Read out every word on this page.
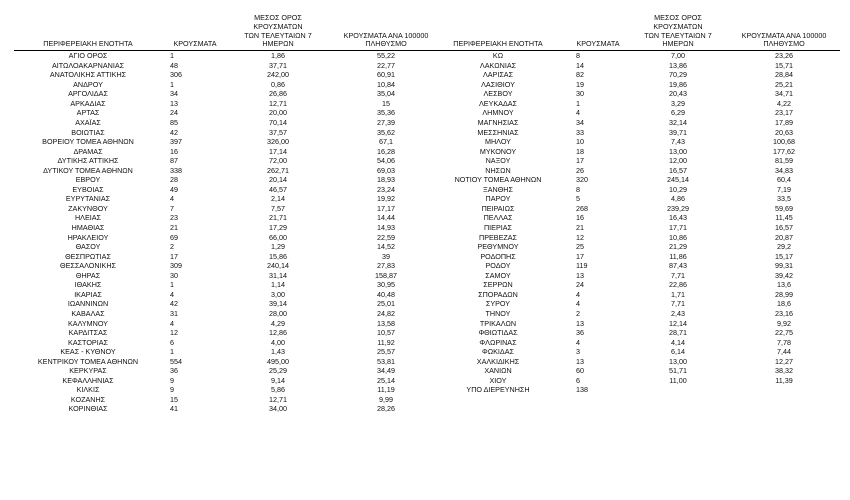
ΠΕΡΙΦΕΡΕΙΑΚΗ ΕΝΟΤΗΤΑ	ΚΡΟΥΣΜΑΤΑ	ΜΕΣΟΣ ΟΡΟΣ ΚΡΟΥΣΜΑΤΩΝ
ΤΩΝ ΤΕΛΕΥΤΑΙΩΝ 7
ΗΜΕΡΩΝ	ΚΡΟΥΣΜΑΤΑ ΑΝΑ 100000
ΠΛΗΘΥΣΜΟ

ΑΓΙΟ ΟΡΟΣ	1	1,86	55,22
ΑΙΤΩΛΟΑΚΑΡΝΑΝΙΑΣ	48	37,71	22,77
ΑΝΑΤΟΛΙΚΗΣ ΑΤΤΙΚΗΣ	306	242,00	60,91
ΑΝΔΡΟΥ	1	0,86	10,84
ΑΡΓΟΛΙΔΑΣ	34	26,86	35,04
ΑΡΚΑΔΙΑΣ	13	12,71	15
ΑΡΤΑΣ	24	20,00	35,36
ΑΧΑΪΑΣ	85	70,14	27,39
ΒΟΙΩΤΙΑΣ	42	37,57	35,62
ΒΟΡΕΙΟΥ ΤΟΜΕΑ ΑΘΗΝΩΝ	397	326,00	67,1
ΔΡΑΜΑΣ	16	17,14	16,28
ΔΥΤΙΚΗΣ ΑΤΤΙΚΗΣ	87	72,00	54,06
ΔΥΤΙΚΟΥ ΤΟΜΕΑ ΑΘΗΝΩΝ	338	262,71	69,03
ΕΒΡΟΥ	28	20,14	18,93
ΕΥΒΟΙΑΣ	49	46,57	23,24
ΕΥΡΥΤΑΝΙΑΣ	4	2,14	19,92
ΖΑΚΥΝΘΟΥ	7	7,57	17,17
ΗΛΕΙΑΣ	23	21,71	14,44
ΗΜΑΘΙΑΣ	21	17,29	14,93
ΗΡΑΚΛΕΙΟΥ	69	66,00	22,59
ΘΑΣΟΥ	2	1,29	14,52
ΘΕΣΠΡΩΤΙΑΣ	17	15,86	39
ΘΕΣΣΑΛΟΝΙΚΗΣ	309	240,14	27,83
ΘΗΡΑΣ	30	31,14	158,87
ΙΘΑΚΗΣ	1	1,14	30,95
ΙΚΑΡΙΑΣ	4	3,00	40,48
ΙΩΑΝΝΙΝΩΝ	42	39,14	25,01
ΚΑΒΑΛΑΣ	31	28,00	24,82
ΚΑΛΥΜΝΟΥ	4	4,29	13,58
ΚΑΡΔΙΤΣΑΣ	12	12,86	10,57
ΚΑΣΤΟΡΙΑΣ	6	4,00	11,92
ΚΕΑΣ - ΚΥΘΝΟΥ	1	1,43	25,57
ΚΕΝΤΡΙΚΟΥ ΤΟΜΕΑ ΑΘΗΝΩΝ	554	495,00	53,81
ΚΕΡΚΥΡΑΣ	36	25,29	34,49
ΚΕΦΑΛΛΗΝΙΑΣ	9	9,14	25,14
ΚΙΛΚΙΣ	9	5,86	11,19
ΚΟΖΑΝΗΣ	15	12,71	9,99
ΚΟΡΙΝΘΙΑΣ	41	34,00	28,26
ΠΕΡΙΦΕΡΕΙΑΚΗ ΕΝΟΤΗΤΑ	ΚΡΟΥΣΜΑΤΑ	ΜΕΣΟΣ ΟΡΟΣ ΚΡΟΥΣΜΑΤΩΝ
ΤΩΝ ΤΕΛΕΥΤΑΙΩΝ 7
ΗΜΕΡΩΝ	ΚΡΟΥΣΜΑΤΑ ΑΝΑ 100000
ΠΛΗΘΥΣΜΟ

ΚΩ	8	7,00	23,26
ΛΑΚΩΝΙΑΣ	14	13,86	15,71
ΛΑΡΙΣΑΣ	82	70,29	28,84
ΛΑΣΙΘΙΟΥ	19	19,86	25,21
ΛΕΣΒΟΥ	30	20,43	34,71
ΛΕΥΚΑΔΑΣ	1	3,29	4,22
ΛΗΜΝΟΥ	4	6,29	23,17
ΜΑΓΝΗΣΙΑΣ	34	32,14	17,89
ΜΕΣΣΗΝΙΑΣ	33	39,71	20,63
ΜΗΛΟΥ	10	7,43	100,68
ΜΥΚΟΝΟΥ	18	13,00	177,62
ΝΑΞΟΥ	17	12,00	81,59
ΝΗΣΩΝ	26	16,57	34,83
ΝΟΤΙΟΥ ΤΟΜΕΑ ΑΘΗΝΩΝ	320	245,14	60,4
ΞΑΝΘΗΣ	8	10,29	7,19
ΠΑΡΟΥ	5	4,86	33,5
ΠΕΙΡΑΙΩΣ	268	239,29	59,69
ΠΕΛΛΑΣ	16	16,43	11,45
ΠΙΕΡΙΑΣ	21	17,71	16,57
ΠΡΕΒΕΖΑΣ	12	10,86	20,87
ΡΕΘΥΜΝΟΥ	25	21,29	29,2
ΡΟΔΟΠΗΣ	17	11,86	15,17
ΡΟΔΟΥ	119	87,43	99,31
ΣΑΜΟΥ	13	7,71	39,42
ΣΕΡΡΩΝ	24	22,86	13,6
ΣΠΟΡΑΔΩΝ	4	1,71	28,99
ΣΥΡΟΥ	4	7,71	18,6
ΤΗΝΟΥ	2	2,43	23,16
ΤΡΙΚΑΛΩΝ	13	12,14	9,92
ΦΘΙΩΤΙΔΑΣ	36	28,71	22,75
ΦΛΩΡΙΝΑΣ	4	4,14	7,78
ΦΩΚΙΔΑΣ	3	6,14	7,44
ΧΑΛΚΙΔΙΚΗΣ	13	13,00	12,27
ΧΑΝΙΩΝ	60	51,71	38,32
ΧΙΟΥ	6	11,00	11,39
ΥΠΟ ΔΙΕΡΕΥΝΗΣΗ	138		
